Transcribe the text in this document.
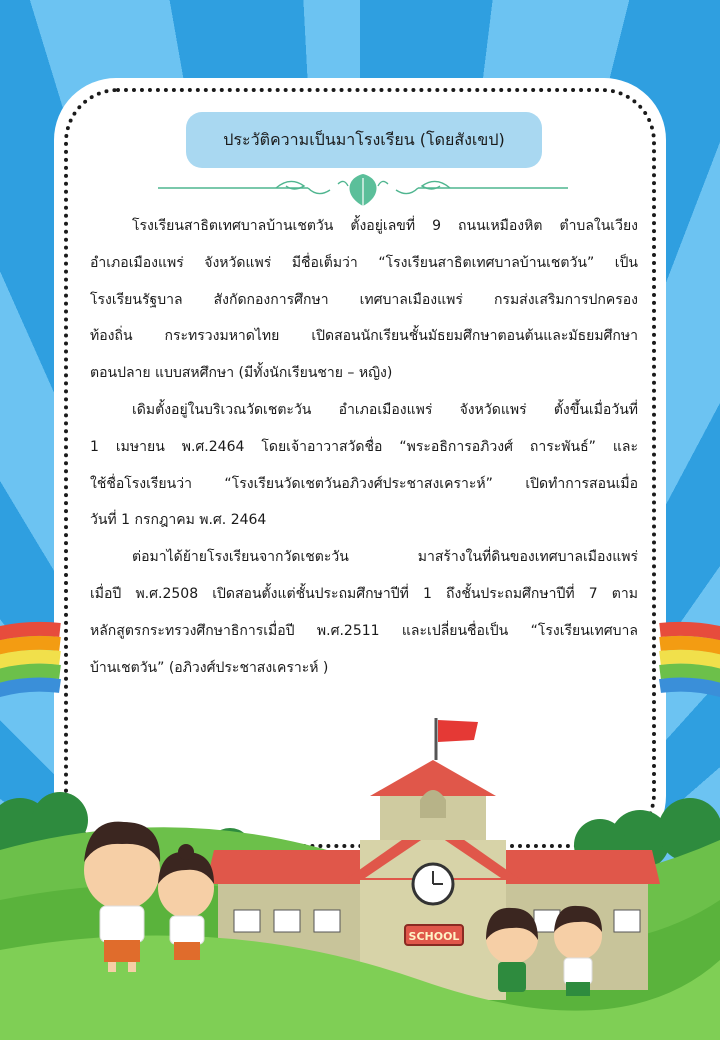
ประวัติความเป็นมาโรงเรียน (โดยสังเขป)

โรงเรียนสาธิตเทศบาลบ้านเชตวัน ตั้งอยู่เลขที่ 9 ถนนเหมืองหิต ตำบลในเวียง

อำเภอเมืองแพร่ จังหวัดแพร่ มีชื่อเต็มว่า “โรงเรียนสาธิตเทศบาลบ้านเชตวัน” เป็น

โรงเรียนรัฐบาล สังกัดกองการศึกษา เทศบาลเมืองแพร่ กรมส่งเสริมการปกครอง

ท้องถิ่น กระทรวงมหาดไทย เปิดสอนนักเรียนชั้นมัธยมศึกษาตอนต้นและมัธยมศึกษา

ตอนปลาย แบบสหศึกษา (มีทั้งนักเรียนชาย – หญิง)

เดิมตั้งอยู่ในบริเวณวัดเชตะวัน อำเภอเมืองแพร่ จังหวัดแพร่ ตั้งขึ้นเมื่อวันที่

1 เมษายน พ.ศ.2464 โดยเจ้าอาวาสวัดชื่อ “พระอธิการอภิวงศ์ ถาระพันธ์” และ

ใช้ชื่อโรงเรียนว่า “โรงเรียนวัดเชตวันอภิวงศ์ประชาสงเคราะห์” เปิดทำการสอนเมื่อ

วันที่ 1 กรกฎาคม พ.ศ. 2464

ต่อมาได้ย้ายโรงเรียนจากวัดเชตะวัน มาสร้างในที่ดินของเทศบาลเมืองแพร่

เมื่อปี พ.ศ.2508 เปิดสอนตั้งแต่ชั้นประถมศึกษาปีที่ 1 ถึงชั้นประถมศึกษาปีที่ 7 ตาม

หลักสูตรกระทรวงศึกษาธิการเมื่อปี พ.ศ.2511 และเปลี่ยนชื่อเป็น “โรงเรียนเทศบาล

บ้านเชตวัน” (อภิวงศ์ประชาสงเคราะห์ )

SCHOOL
